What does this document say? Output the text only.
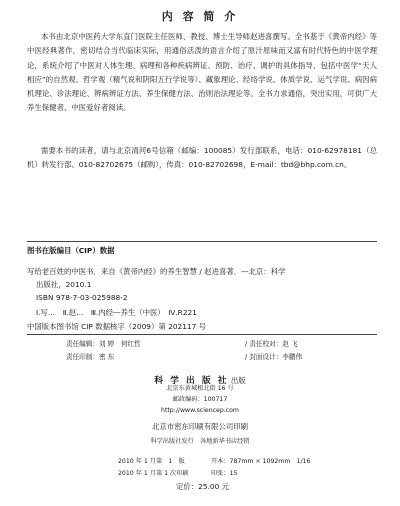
内 容 简 介

本书由北京中医药大学东直门医院主任医师、教授、博士生导师赵进喜撰写。全书基于《黄帝内经》等中医经典著作，密切结合当代临床实际，用通俗活泼的语言介绍了原汁原味而又富有时代特色的中医学理论，系统介绍了中医对人体生理、病理和各种疾病辨证、预防、治疗、调护的具体指导，包括中医学“天人相应”的自然观、哲学观（精气说和阴阳五行学说等）、藏象理论、经络学说、体质学说、运气学说、病因病机理论、诊法理论、辨病辨证方法、养生保健方法、治则治法理论等。全书力求通俗，突出实用，可供广大养生保健者、中医爱好者阅读。

需要本书的读者，请与北京清河6号信箱（邮编：100085）发行部联系，电话：010-62978181（总机）转发行部、010-82702675（邮购），传真：010-82702698，E-mail：tbd@bhp.com.cn。

图书在版编目（CIP）数据
写给老百姓的中医书．来自《黄帝内经》的养生智慧 / 赵进喜著．—北京：科学
出版社，2010.1
ISBN 978-7-03-025988-2
Ⅰ.写…　Ⅱ.赵…　Ⅲ.内经—养生（中医）　Ⅳ.R221
中国版本图书馆 CIP 数据核字（2009）第 202117 号
责任编辑：刘 婷　何红哲	/ 责任校对：赵 飞
责任印制：密 东	/ 封面设计：李鹏伟
科 学 出 版 社 出版
北京东黄城根北街 16 号
邮政编码：100717
http://www.sciencep.com
北京市密东印刷有限公司印刷
科学出版社发行　各地新华书店经销
2010 年 1 月第　1　版	开本：787mm × 1092mm　1/16
2010 年 1 月第 1 次印刷	印张：15
定价：25.00 元
